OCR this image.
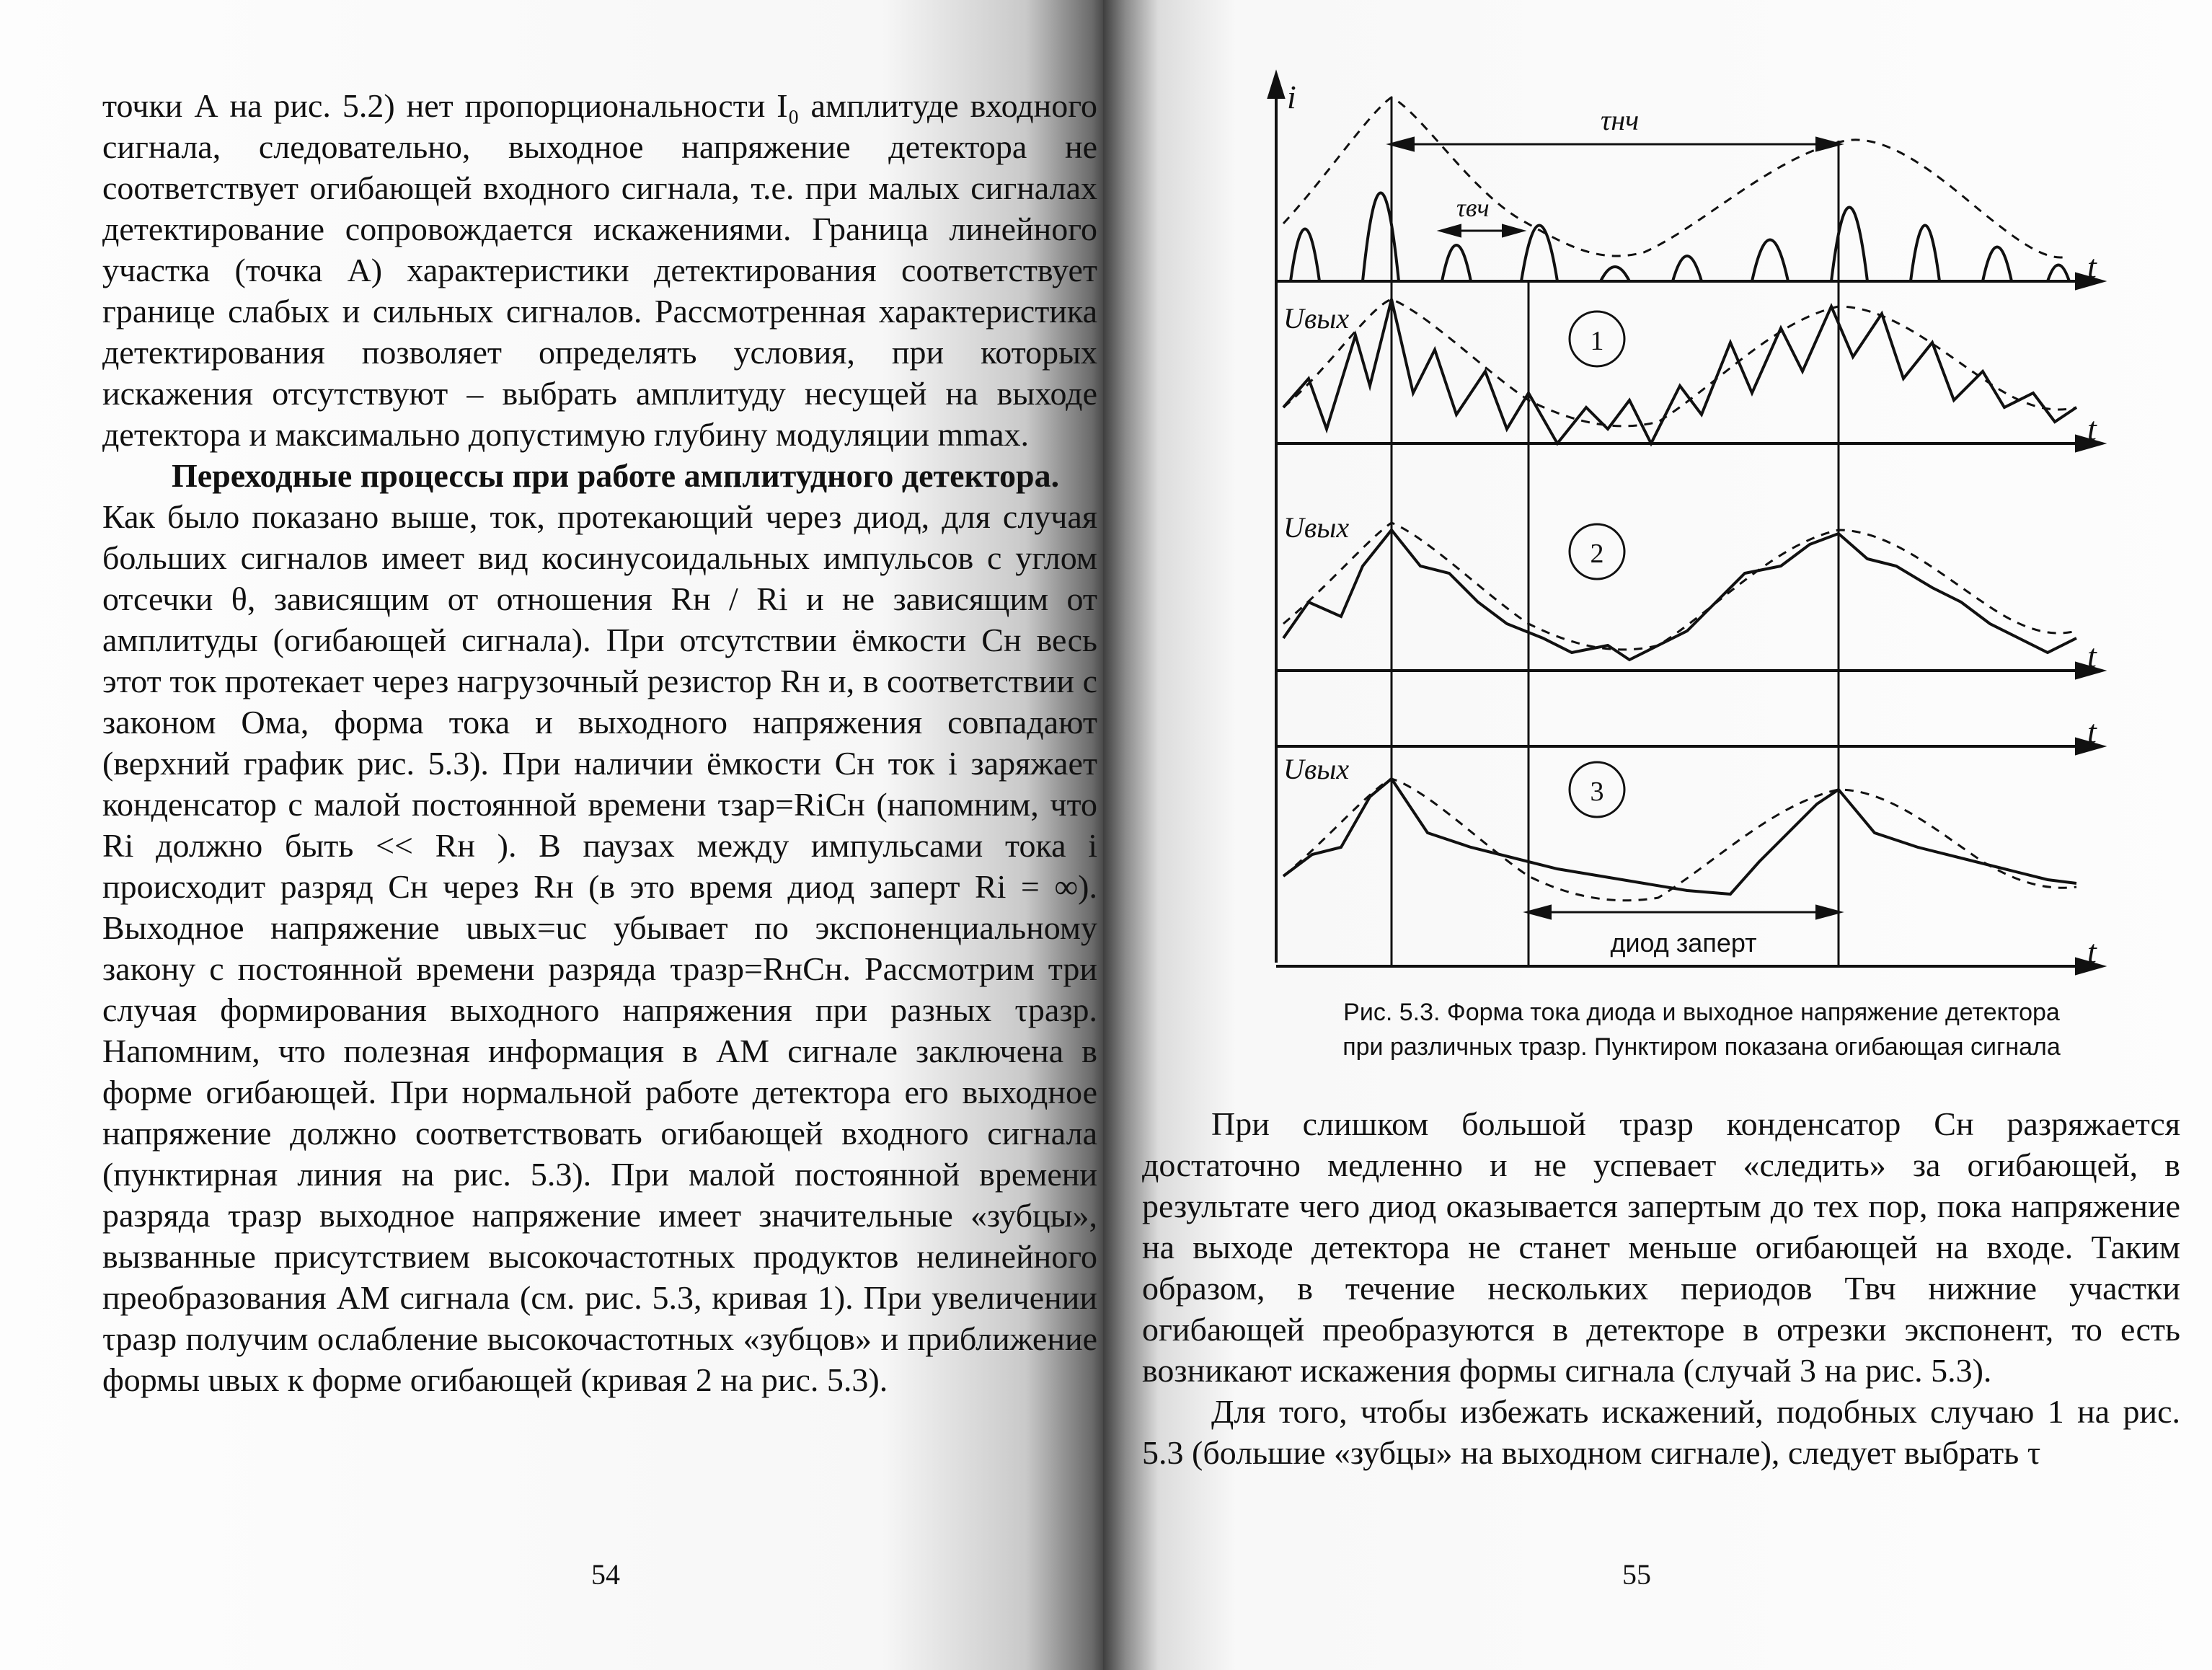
точки А на рис. 5.2) нет пропорциональности I₀ амплитуде входного сигнала, следовательно, выходное напряжение детектора не соответствует огибающей входного сигнала, т.е. при малых сигналах детектирование сопровождается искажениями. Граница линейного участка (точка А) характеристики детектирования соответствует границе слабых и сильных сигналов. Рассмотренная характеристика детектирования позволяет определять условия, при которых искажения отсутствуют – выбрать амплитуду несущей на выходе детектора и максимально допустимую глубину модуляции mmax.

Переходные процессы при работе амплитудного детектора.

Как было показано выше, ток, протекающий через диод, для случая больших сигналов имеет вид косинусоидальных импульсов с углом отсечки θ, зависящим от отношения Rн / Ri и не зависящим от амплитуды (огибающей сигнала). При отсутствии ёмкости Cн весь этот ток протекает через нагрузочный резистор Rн и, в соответствии с законом Ома, форма тока и выходного напряжения совпадают (верхний график рис. 5.3). При наличии ёмкости Cн ток i заряжает конденсатор с малой постоянной времени τзар=RiCн (напомним, что Ri должно быть << Rн ). В паузах между импульсами тока i происходит разряд Cн через Rн (в это время диод заперт Ri = ∞). Выходное напряжение uвых=uc убывает по экспоненциальному закону с постоянной времени разряда τразр=RнCн. Рассмотрим три случая формирования выходного напряжения при разных τразр. Напомним, что полезная информация в АМ сигнале заключена в форме огибающей. При нормальной работе детектора его выходное напряжение должно соответствовать огибающей входного сигнала (пунктирная линия на рис. 5.3). При малой постоянной времени разряда τразр выходное напряжение имеет значительные «зубцы», вызванные присутствием высокочастотных продуктов нелинейного преобразования АМ сигнала (см. рис. 5.3, кривая 1). При увеличении τразр получим ослабление высокочастотных «зубцов» и приближение формы uвых к форме огибающей (кривая 2 на рис. 5.3).

54
i
t
t
t
t
t
τнч
τвч
Uвых
Uвых
Uвых
1
2
3
диод заперт
Рис. 5.3. Форма тока диода и выходное напряжение детектора
при различных τразр. Пунктиром показана огибающая сигнала

При слишком большой τразр конденсатор Cн разряжается достаточно медленно и не успевает «следить» за огибающей, в результате чего диод оказывается запертым до тех пор, пока напряжение на выходе детектора не станет меньше огибающей на входе. Таким образом, в течение нескольких периодов Tвч нижние участки огибающей преобразуются в детекторе в отрезки экспонент, то есть возникают искажения формы сигнала (случай 3 на рис. 5.3).

Для того, чтобы избежать искажений, подобных случаю 1 на рис. 5.3 (большие «зубцы» на выходном сигнале), следует выбрать τ

55
